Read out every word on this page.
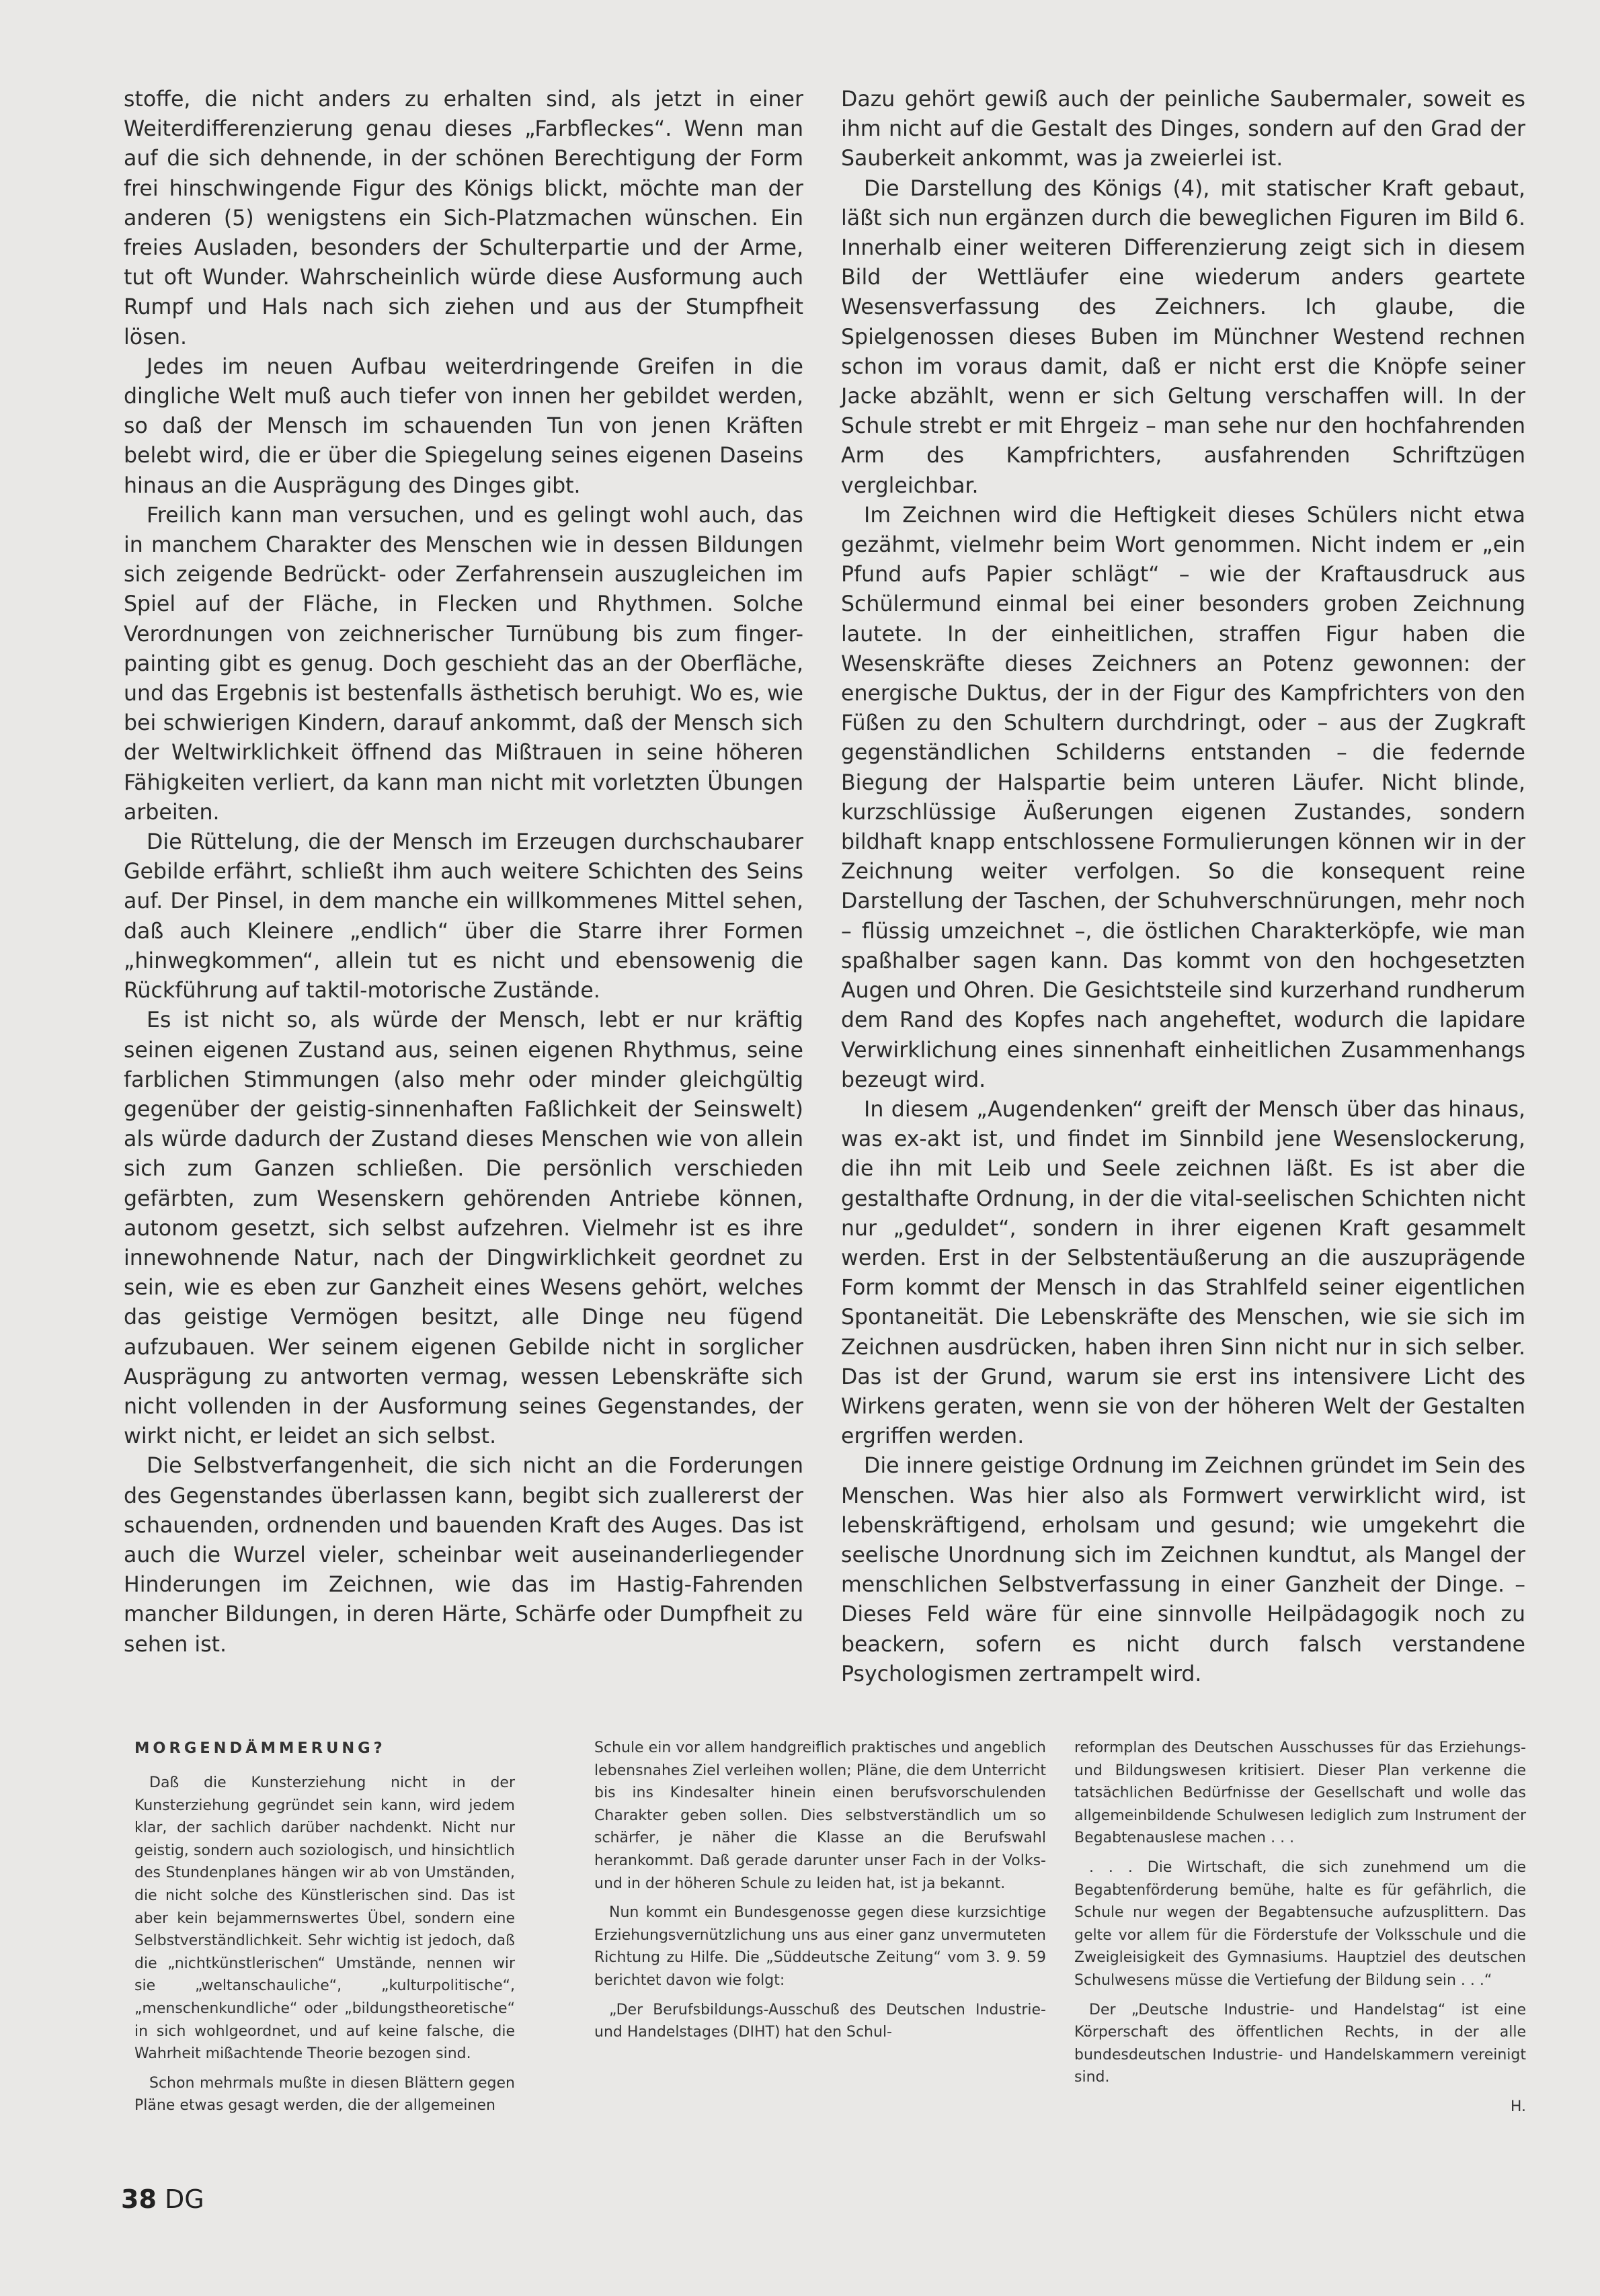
stoffe, die nicht anders zu erhalten sind, als jetzt in einer Weiterdifferenzierung genau dieses „Farbfleckes“. Wenn man auf die sich dehnende, in der schönen Berechtigung der Form frei hinschwingende Figur des Königs blickt, möchte man der anderen (5) wenigstens ein Sich-Platzmachen wünschen. Ein freies Ausladen, besonders der Schulterpartie und der Arme, tut oft Wunder. Wahrscheinlich würde diese Ausformung auch Rumpf und Hals nach sich ziehen und aus der Stumpfheit lösen.

Jedes im neuen Aufbau weiterdringende Greifen in die dingliche Welt muß auch tiefer von innen her gebildet werden, so daß der Mensch im schauenden Tun von jenen Kräften belebt wird, die er über die Spiegelung seines eigenen Daseins hinaus an die Ausprägung des Dinges gibt.

Freilich kann man versuchen, und es gelingt wohl auch, das in manchem Charakter des Menschen wie in dessen Bildungen sich zeigende Bedrückt- oder Zerfahrensein auszugleichen im Spiel auf der Fläche, in Flecken und Rhythmen. Solche Verordnungen von zeichnerischer Turnübung bis zum finger-painting gibt es genug. Doch geschieht das an der Oberfläche, und das Ergebnis ist bestenfalls ästhetisch beruhigt. Wo es, wie bei schwierigen Kindern, darauf ankommt, daß der Mensch sich der Weltwirklichkeit öffnend das Mißtrauen in seine höheren Fähigkeiten verliert, da kann man nicht mit vorletzten Übungen arbeiten.

Die Rüttelung, die der Mensch im Erzeugen durchschaubarer Gebilde erfährt, schließt ihm auch weitere Schichten des Seins auf. Der Pinsel, in dem manche ein willkommenes Mittel sehen, daß auch Kleinere „endlich“ über die Starre ihrer Formen „hinwegkommen“, allein tut es nicht und ebensowenig die Rückführung auf taktil-motorische Zustände.

Es ist nicht so, als würde der Mensch, lebt er nur kräftig seinen eigenen Zustand aus, seinen eigenen Rhythmus, seine farblichen Stimmungen (also mehr oder minder gleichgültig gegenüber der geistig-sinnenhaften Faßlichkeit der Seinswelt) als würde dadurch der Zustand dieses Menschen wie von allein sich zum Ganzen schließen. Die persönlich verschieden gefärbten, zum Wesenskern gehörenden Antriebe können, autonom gesetzt, sich selbst aufzehren. Vielmehr ist es ihre innewohnende Natur, nach der Dingwirklichkeit geordnet zu sein, wie es eben zur Ganzheit eines Wesens gehört, welches das geistige Vermögen besitzt, alle Dinge neu fügend aufzubauen. Wer seinem eigenen Gebilde nicht in sorglicher Ausprägung zu antworten vermag, wessen Lebenskräfte sich nicht vollenden in der Ausformung seines Gegenstandes, der wirkt nicht, er leidet an sich selbst.

Die Selbstverfangenheit, die sich nicht an die Forderungen des Gegenstandes überlassen kann, begibt sich zuallererst der schauenden, ordnenden und bauenden Kraft des Auges. Das ist auch die Wurzel vieler, scheinbar weit auseinanderliegender Hinderungen im Zeichnen, wie das im Hastig-Fahrenden mancher Bildungen, in deren Härte, Schärfe oder Dumpfheit zu sehen ist.

Dazu gehört gewiß auch der peinliche Saubermaler, soweit es ihm nicht auf die Gestalt des Dinges, sondern auf den Grad der Sauberkeit ankommt, was ja zweierlei ist.

Die Darstellung des Königs (4), mit statischer Kraft gebaut, läßt sich nun ergänzen durch die beweglichen Figuren im Bild 6. Innerhalb einer weiteren Differenzierung zeigt sich in diesem Bild der Wettläufer eine wiederum anders geartete Wesensverfassung des Zeichners. Ich glaube, die Spielgenossen dieses Buben im Münchner Westend rechnen schon im voraus damit, daß er nicht erst die Knöpfe seiner Jacke abzählt, wenn er sich Geltung verschaffen will. In der Schule strebt er mit Ehrgeiz – man sehe nur den hochfahrenden Arm des Kampfrichters, ausfahrenden Schriftzügen vergleichbar.

Im Zeichnen wird die Heftigkeit dieses Schülers nicht etwa gezähmt, vielmehr beim Wort genommen. Nicht indem er „ein Pfund aufs Papier schlägt“ – wie der Kraftausdruck aus Schülermund einmal bei einer besonders groben Zeichnung lautete. In der einheitlichen, straffen Figur haben die Wesenskräfte dieses Zeichners an Potenz gewonnen: der energische Duktus, der in der Figur des Kampfrichters von den Füßen zu den Schultern durchdringt, oder – aus der Zugkraft gegenständlichen Schilderns entstanden – die federnde Biegung der Halspartie beim unteren Läufer. Nicht blinde, kurzschlüssige Äußerungen eigenen Zustandes, sondern bildhaft knapp entschlossene Formulierungen können wir in der Zeichnung weiter verfolgen. So die konsequent reine Darstellung der Taschen, der Schuhverschnürungen, mehr noch – flüssig umzeichnet –, die östlichen Charakterköpfe, wie man spaßhalber sagen kann. Das kommt von den hochgesetzten Augen und Ohren. Die Gesichtsteile sind kurzerhand rundherum dem Rand des Kopfes nach angeheftet, wodurch die lapidare Verwirklichung eines sinnenhaft einheitlichen Zusammenhangs bezeugt wird.

In diesem „Augendenken“ greift der Mensch über das hinaus, was ex-akt ist, und findet im Sinnbild jene Wesenslockerung, die ihn mit Leib und Seele zeichnen läßt. Es ist aber die gestalthafte Ordnung, in der die vital-seelischen Schichten nicht nur „geduldet“, sondern in ihrer eigenen Kraft gesammelt werden. Erst in der Selbstentäußerung an die auszuprägende Form kommt der Mensch in das Strahlfeld seiner eigentlichen Spontaneität. Die Lebenskräfte des Menschen, wie sie sich im Zeichnen ausdrücken, haben ihren Sinn nicht nur in sich selber. Das ist der Grund, warum sie erst ins intensivere Licht des Wirkens geraten, wenn sie von der höheren Welt der Gestalten ergriffen werden.

Die innere geistige Ordnung im Zeichnen gründet im Sein des Menschen. Was hier also als Formwert verwirklicht wird, ist lebenskräftigend, erholsam und gesund; wie umgekehrt die seelische Unordnung sich im Zeichnen kundtut, als Mangel der menschlichen Selbstverfassung in einer Ganzheit der Dinge. – Dieses Feld wäre für eine sinnvolle Heilpädagogik noch zu beackern, sofern es nicht durch falsch verstandene Psychologismen zertrampelt wird.

MORGENDÄMMERUNG?

Daß die Kunsterziehung nicht in der Kunsterziehung gegründet sein kann, wird jedem klar, der sachlich darüber nachdenkt. Nicht nur geistig, sondern auch soziologisch, und hinsichtlich des Stundenplanes hängen wir ab von Umständen, die nicht solche des Künstlerischen sind. Das ist aber kein bejammernswertes Übel, sondern eine Selbstverständlichkeit. Sehr wichtig ist jedoch, daß die „nichtkünstlerischen“ Umstände, nennen wir sie „weltanschauliche“, „kulturpolitische“, „menschenkundliche“ oder „bildungstheoretische“ in sich wohlgeordnet, und auf keine falsche, die Wahrheit mißachtende Theorie bezogen sind.

Schon mehrmals mußte in diesen Blättern gegen Pläne etwas gesagt werden, die der allgemeinen

Schule ein vor allem handgreiflich praktisches und angeblich lebensnahes Ziel verleihen wollen; Pläne, die dem Unterricht bis ins Kindesalter hinein einen berufsvorschulenden Charakter geben sollen. Dies selbstverständlich um so schärfer, je näher die Klasse an die Berufswahl herankommt. Daß gerade darunter unser Fach in der Volks- und in der höheren Schule zu leiden hat, ist ja bekannt.

Nun kommt ein Bundesgenosse gegen diese kurzsichtige Erziehungsvernützlichung uns aus einer ganz unvermuteten Richtung zu Hilfe. Die „Süddeutsche Zeitung“ vom 3. 9. 59 berichtet davon wie folgt:

„Der Berufsbildungs-Ausschuß des Deutschen Industrie- und Handelstages (DIHT) hat den Schul-

reformplan des Deutschen Ausschusses für das Erziehungs- und Bildungswesen kritisiert. Dieser Plan verkenne die tatsächlichen Bedürfnisse der Gesellschaft und wolle das allgemeinbildende Schulwesen lediglich zum Instrument der Begabtenauslese machen . . .

. . . Die Wirtschaft, die sich zunehmend um die Begabtenförderung bemühe, halte es für gefährlich, die Schule nur wegen der Begabtensuche aufzusplittern. Das gelte vor allem für die Förderstufe der Volksschule und die Zweigleisigkeit des Gymnasiums. Hauptziel des deutschen Schulwesens müsse die Vertiefung der Bildung sein . . .“

Der „Deutsche Industrie- und Handelstag“ ist eine Körperschaft des öffentlichen Rechts, in der alle bundesdeutschen Industrie- und Handelskammern vereinigt sind.

H.

38 DG
